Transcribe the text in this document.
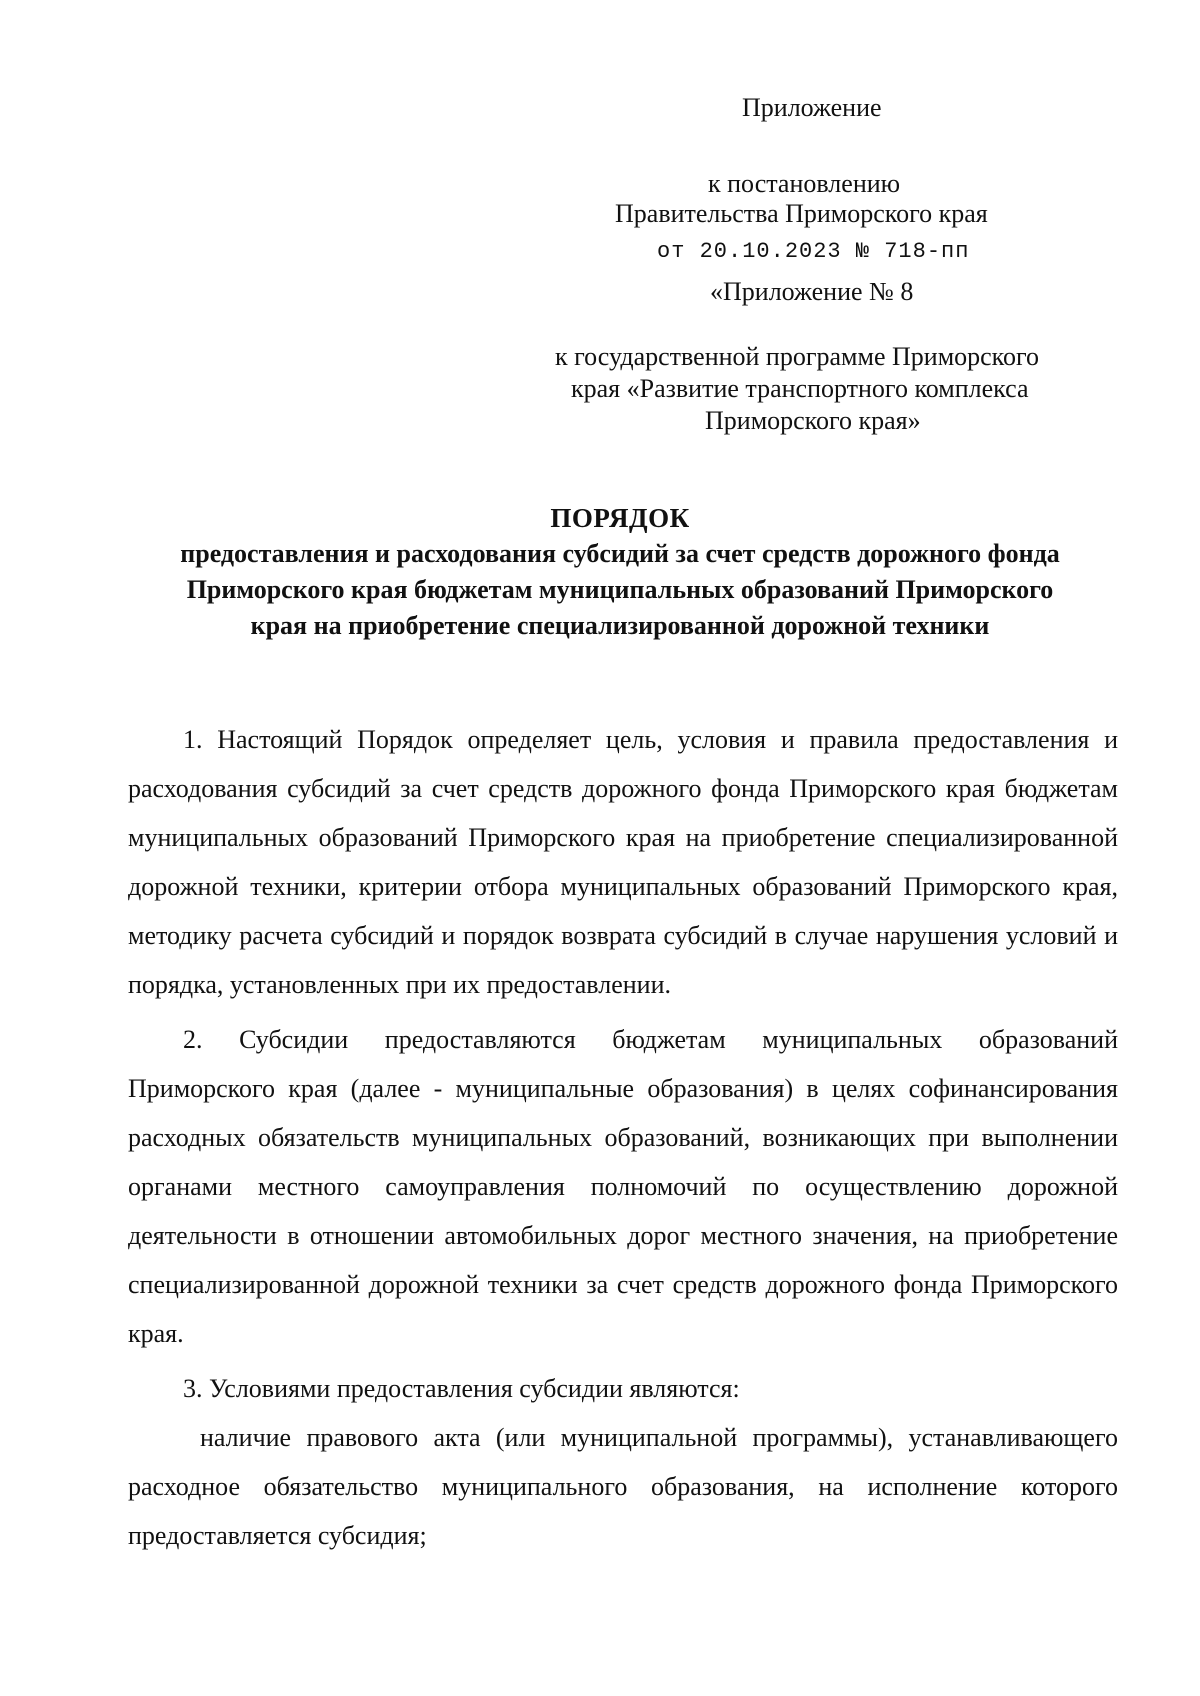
Приложение
к постановлению
Правительства Приморского края
от 20.10.2023 № 718-пп
«Приложение № 8
к государственной программе Приморского
края «Развитие транспортного комплекса
Приморского края»
ПОРЯДОК
предоставления и расходования субсидий за счет средств дорожного фонда
Приморского края бюджетам муниципальных образований Приморского
края на приобретение специализированной дорожной техники

1. Настоящий Порядок определяет цель, условия и правила предоставления и расходования субсидий за счет средств дорожного фонда Приморского края бюджетам муниципальных образований Приморского края на приобретение специализированной дорожной техники, критерии отбора муниципальных образований Приморского края, методику расчета субсидий и порядок возврата субсидий в случае нарушения условий и порядка, установленных при их предоставлении.

2. Субсидии предоставляются бюджетам муниципальных образований Приморского края (далее - муниципальные образования) в целях софинансирования расходных обязательств муниципальных образований, возникающих при выполнении органами местного самоуправления полномочий по осуществлению дорожной деятельности в отношении автомобильных дорог местного значения, на приобретение специализированной дорожной техники за счет средств дорожного фонда Приморского края.

3. Условиями предоставления субсидии являются:

наличие правового акта (или муниципальной программы), устанавливающего расходное обязательство муниципального образования, на исполнение которого предоставляется субсидия;
